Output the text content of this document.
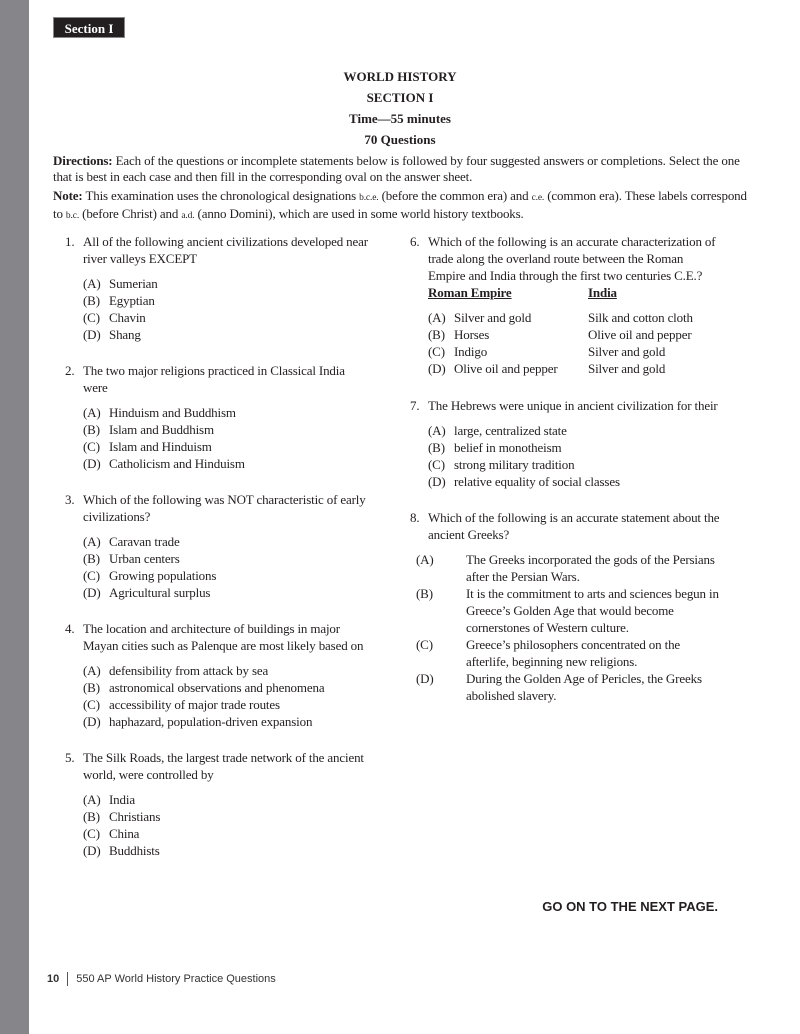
Section I
WORLD HISTORY
SECTION I
Time—55 minutes
70 Questions
Directions: Each of the questions or incomplete statements below is followed by four suggested answers or completions. Select the one that is best in each case and then fill in the corresponding oval on the answer sheet.
Note: This examination uses the chronological designations b.c.e. (before the common era) and c.e. (common era). These labels correspond to b.c. (before Christ) and a.d. (anno Domini), which are used in some world history textbooks.
1. All of the following ancient civilizations developed near river valleys EXCEPT
(A) Sumerian
(B) Egyptian
(C) Chavin
(D) Shang
2. The two major religions practiced in Classical India were
(A) Hinduism and Buddhism
(B) Islam and Buddhism
(C) Islam and Hinduism
(D) Catholicism and Hinduism
3. Which of the following was NOT characteristic of early civilizations?
(A) Caravan trade
(B) Urban centers
(C) Growing populations
(D) Agricultural surplus
4. The location and architecture of buildings in major Mayan cities such as Palenque are most likely based on
(A) defensibility from attack by sea
(B) astronomical observations and phenomena
(C) accessibility of major trade routes
(D) haphazard, population-driven expansion
5. The Silk Roads, the largest trade network of the ancient world, were controlled by
(A) India
(B) Christians
(C) China
(D) Buddhists
6. Which of the following is an accurate characterization of trade along the overland route between the Roman Empire and India through the first two centuries C.E.?
Roman Empire	India
(A) Silver and gold	Silk and cotton cloth
(B) Horses	Olive oil and pepper
(C) Indigo	Silver and gold
(D) Olive oil and pepper	Silver and gold
7. The Hebrews were unique in ancient civilization for their
(A) large, centralized state
(B) belief in monotheism
(C) strong military tradition
(D) relative equality of social classes
8. Which of the following is an accurate statement about the ancient Greeks?
(A) The Greeks incorporated the gods of the Persians after the Persian Wars.
(B)	It is the commitment to arts and sciences begun in Greece’s Golden Age that would become cornerstones of Western culture.
(C)	Greece’s philosophers concentrated on the afterlife, beginning new religions.
(D) During the Golden Age of Pericles, the Greeks abolished slavery.
GO ON TO THE NEXT PAGE.
10 550 AP World History Practice Questions
